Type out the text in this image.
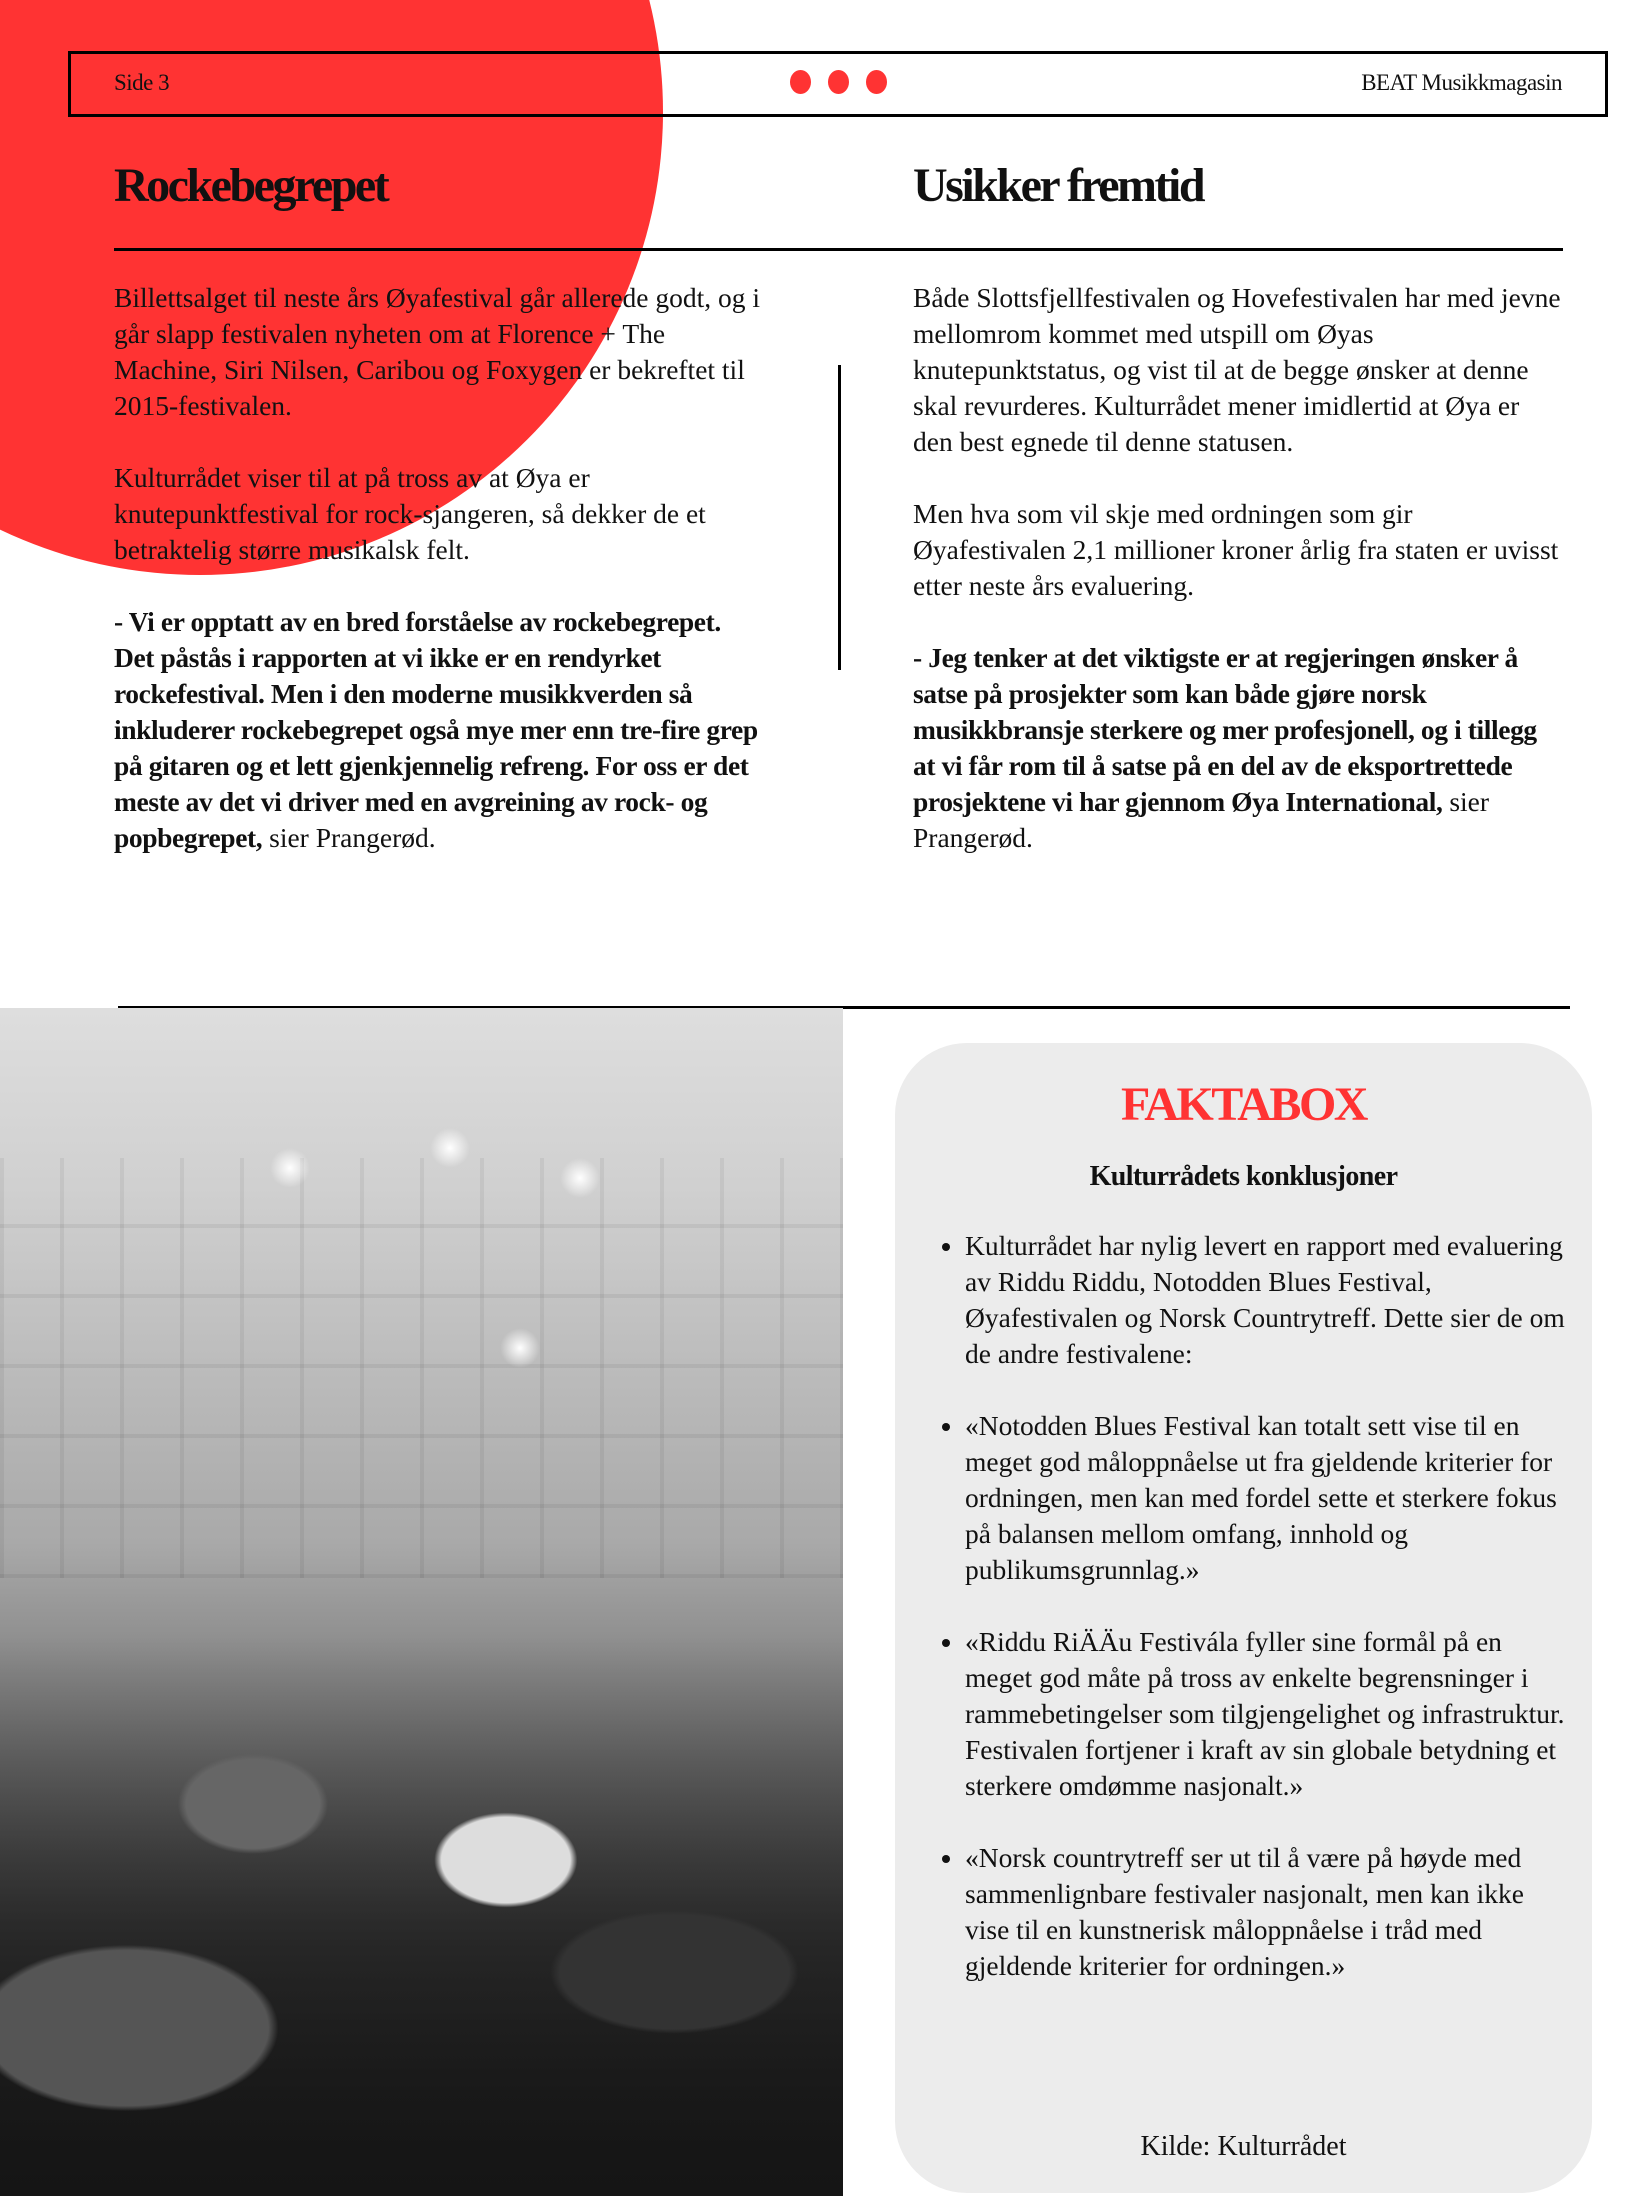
Side 3	BEAT Musikkmagasin
Rockebegrepet	Usikker fremtid

Billettsalget til neste års Øyafestival går allerede godt, og i går slapp festivalen nyheten om at Florence + The Machine, Siri Nilsen, Caribou og Foxygen er bekreftet til 2015-festivalen.

Kulturrådet viser til at på tross av at Øya er knutepunktfestival for rock-sjangeren, så dekker de et betraktelig større musikalsk felt.

- Vi er opptatt av en bred forståelse av rockebegrepet. Det påstås i rapporten at vi ikke er en rendyrket rockefestival. Men i den moderne musikkverden så inkluderer rockebegrepet også mye mer enn tre-fire grep på gitaren og et lett gjenkjennelig refreng. For oss er det meste av det vi driver med en avgreining av rock- og popbegrepet, sier Prangerød.

Både Slottsfjellfestivalen og Hovefestivalen har med jevne mellomrom kommet med utspill om Øyas knutepunktstatus, og vist til at de begge ønsker at denne skal revurderes. Kulturrådet mener imidlertid at Øya er den best egnede til denne statusen.

Men hva som vil skje med ordningen som gir Øyafestivalen 2,1 millioner kroner årlig fra staten er uvisst etter neste års evaluering.

- Jeg tenker at det viktigste er at regjeringen ønsker å satse på prosjekter som kan både gjøre norsk musikkbransje sterkere og mer profesjonell, og i tillegg at vi får rom til å satse på en del av de eksportrettede prosjektene vi har gjennom Øya International, sier Prangerød.

FAKTABOX
Kulturrådets konklusjoner
• Kulturrådet har nylig levert en rapport med evaluering av Riddu Riddu, Notodden Blues Festival, Øyafestivalen og Norsk Countrytreff. Dette sier de om de andre festivalene:
• «Notodden Blues Festival kan totalt sett vise til en meget god måloppnåelse ut fra gjeldende kriterier for ordningen, men kan med fordel sette et sterkere fokus på balansen mellom omfang, innhold og publikumsgrunnlag.»
• «Riddu RiÄÄu Festivála fyller sine formål på en meget god måte på tross av enkelte begrensninger i rammebetingelser som tilgjengelighet og infrastruktur. Festivalen fortjener i kraft av sin globale betydning et sterkere omdømme nasjonalt.»
• «Norsk countrytreff ser ut til å være på høyde med sammenlignbare festivaler nasjonalt, men kan ikke vise til en kunstnerisk måloppnåelse i tråd med gjeldende kriterier for ordningen.»
Kilde: Kulturrådet
